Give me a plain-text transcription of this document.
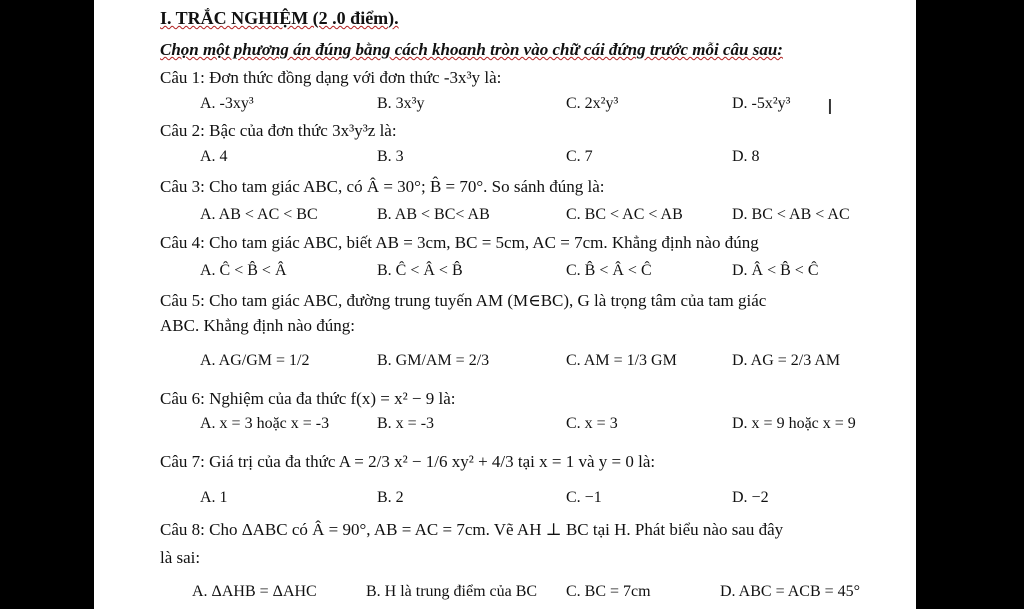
I. TRẮC NGHIỆM (2 .0 điểm).
Chọn một phương án đúng bằng cách khoanh tròn vào chữ cái đứng trước mỗi câu sau:
Câu 1: Đơn thức đồng dạng với đơn thức -3x³y là:
A. -3xy³	B. 3x³y	C. 2x²y³	D. -5x²y³ I
Câu 2: Bậc của đơn thức 3x³y³z là:
A. 4	B. 3	C. 7	D. 8
Câu 3: Cho tam giác ABC, có Â = 30°; B̂ = 70°. So sánh đúng là:
A. AB < AC < BC	B. AB < BC< AB	C. BC < AC < AB	D. BC < AB < AC
Câu 4: Cho tam giác ABC, biết AB = 3cm, BC = 5cm, AC = 7cm. Khẳng định nào đúng
A. Ĉ < B̂ < Â	B. Ĉ < Â < B̂	C. B̂ < Â < Ĉ	D. Â < B̂ < Ĉ
Câu 5: Cho tam giác ABC, đường trung tuyến AM (M∈BC), G là trọng tâm của tam giác
ABC. Khẳng định nào đúng:
A. AG/GM = 1/2	B. GM/AM = 2/3	C. AM = 1/3 GM	D. AG = 2/3 AM
Câu 6: Nghiệm của đa thức f(x) = x² − 9 là:
A. x = 3 hoặc x = -3	B. x = -3	C. x = 3	D. x = 9 hoặc x = 9
Câu 7: Giá trị của đa thức A = 2/3 x² − 1/6 xy² + 4/3 tại x = 1 và y = 0 là:
A. 1	B. 2	C. −1	D. −2
Câu 8: Cho ΔABC có Â = 90°, AB = AC = 7cm. Vẽ AH ⊥ BC tại H. Phát biểu nào sau đây
là sai:
A. ΔAHB = ΔAHC	B. H là trung điểm của BC C. BC = 7cm	D. ABC = ACB = 45°
